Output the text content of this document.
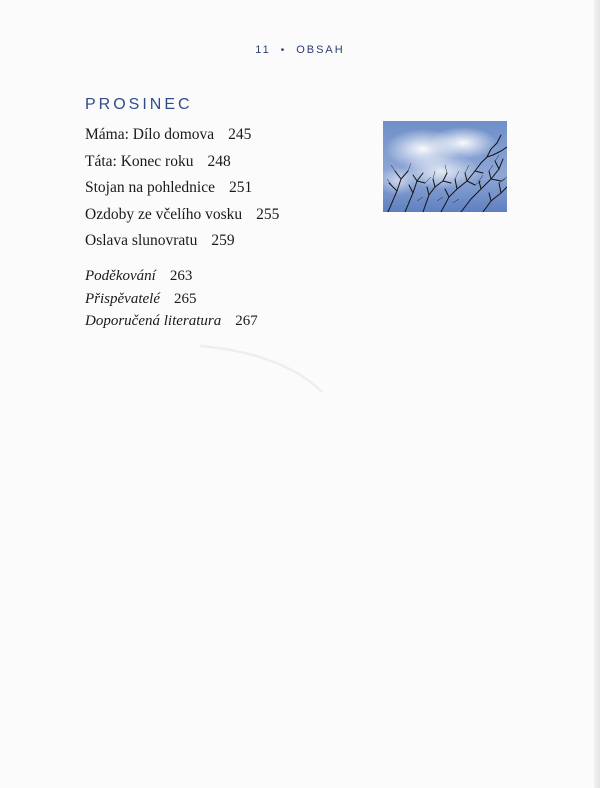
11 • OBSAH
PROSINEC
Máma: Dílo domova 245
Táta: Konec roku 248
Stojan na pohlednice 251
Ozdoby ze včelího vosku 255
Oslava slunovratu 259
Poděkování 263
Přispěvatelé 265
Doporučená literatura 267
